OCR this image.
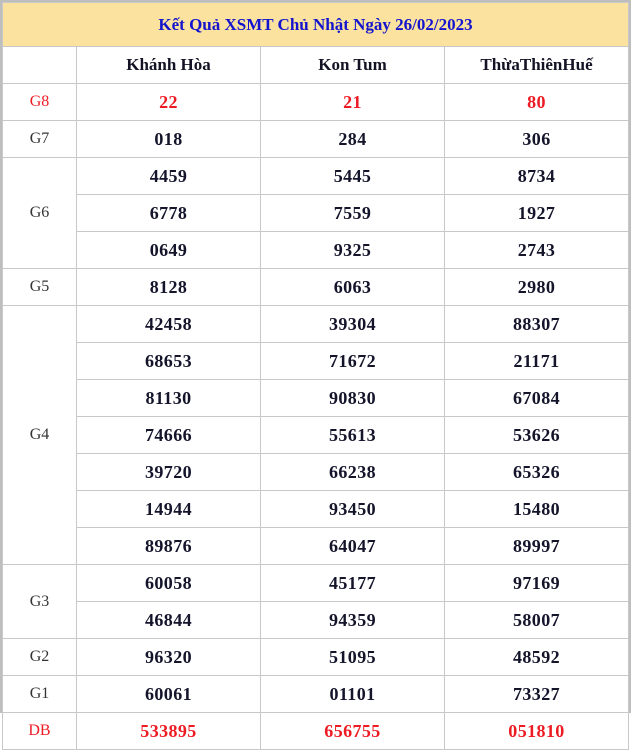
Kết Quả XSMT Chủ Nhật Ngày 26/02/2023			
	Khánh Hòa	Kon Tum	ThừaThiênHuế
G8	22	21	80
G7	018	284	306
G6	4459	5445	8734
	6778	7559	1927
	0649	9325	2743
G5	8128	6063	2980
G4	42458	39304	88307
	68653	71672	21171
	81130	90830	67084
	74666	55613	53626
	39720	66238	65326
	14944	93450	15480
	89876	64047	89997
G3	60058	45177	97169
	46844	94359	58007
G2	96320	51095	48592
G1	60061	01101	73327
DB	533895	656755	051810
